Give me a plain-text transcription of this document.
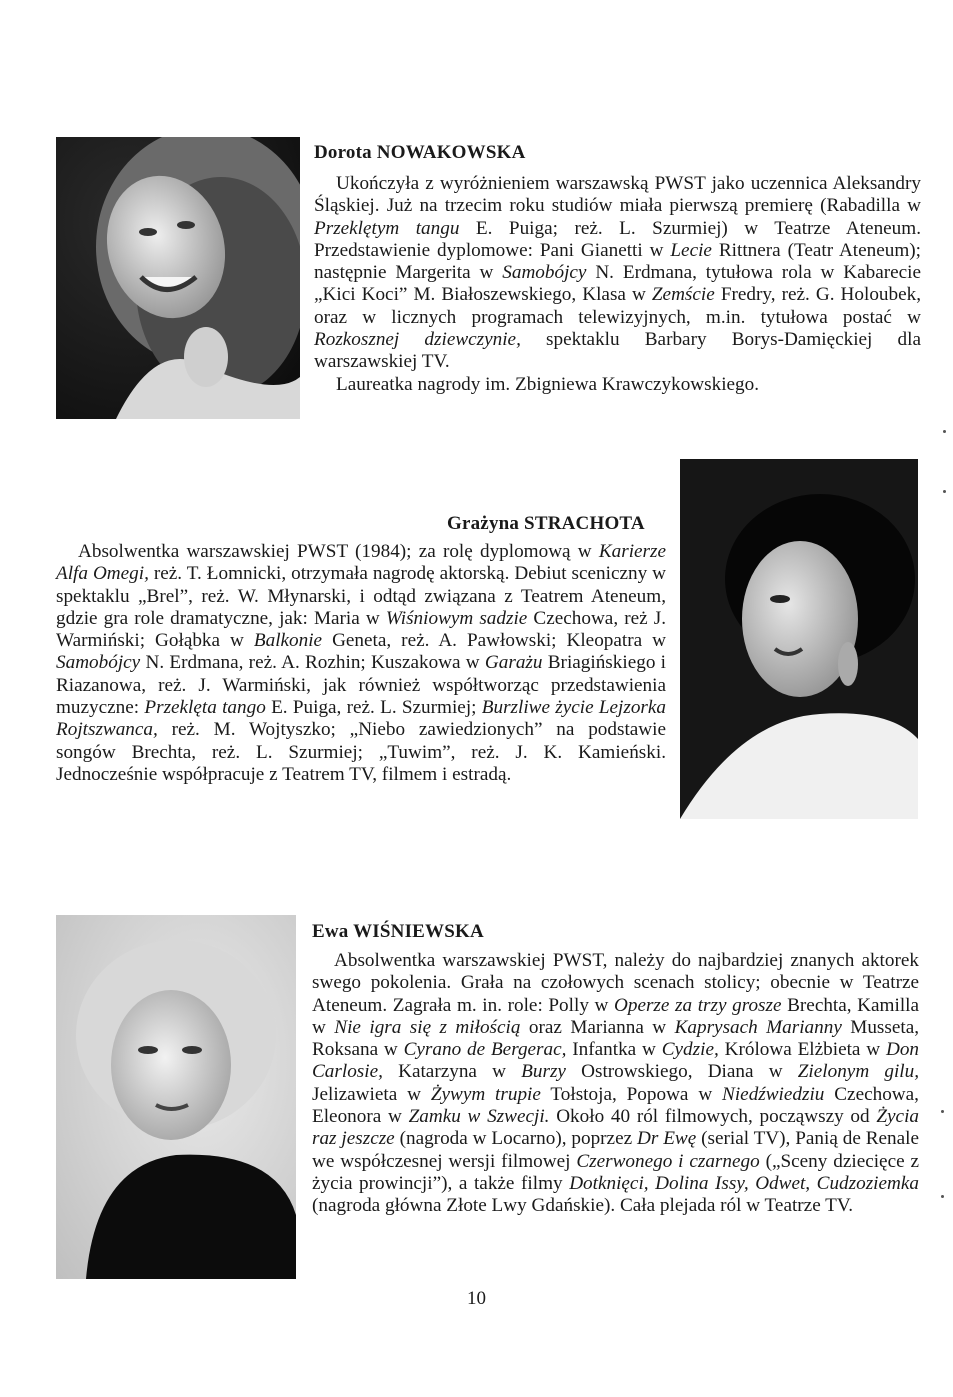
Dorota NOWAKOWSKA

Ukończyła z wyróżnieniem warszawską PWST jako uczennica Aleksandry Śląskiej. Już na trzecim roku studiów miała pierwszą premierę (Rabadilla w Przeklętym tangu E. Puiga; reż. L. Szurmiej) w Teatrze Ateneum. Przedstawienie dyplomowe: Pani Gianetti w Lecie Rittnera (Teatr Ateneum); następnie Margerita w Samobójcy N. Erdmana, tytułowa rola w Kabarecie „Kici Koci” M. Białoszewskiego, Klasa w Zemście Fredry, reż. G. Holoubek, oraz w licznych programach telewizyjnych, m.in. tytułowa postać w Rozkosznej dziewczynie, spektaklu Barbary Borys-Damięckiej dla warszawskiej TV.

Laureatka nagrody im. Zbigniewa Krawczykowskiego.

Grażyna STRACHOTA

Absolwentka warszawskiej PWST (1984); za rolę dyplomową w Karierze Alfa Omegi, reż. T. Łomnicki, otrzymała nagrodę aktorską. Debiut sceniczny w spektaklu „Brel”, reż. W. Młynarski, i odtąd związana z Teatrem Ateneum, gdzie gra role dramatyczne, jak: Maria w Wiśniowym sadzie Czechowa, reż J. Warmiński; Gołąbka w Balkonie Geneta, reż. A. Pawłowski; Kleopatra w Samobójcy N. Erdmana, reż. A. Rozhin; Kuszakowa w Garażu Briagińskiego i Riazanowa, reż. J. Warmiński, jak również współtworząc przedstawienia muzyczne: Przeklęta tango E. Puiga, reż. L. Szurmiej; Burzliwe życie Lejzorka Rojtszwanca, reż. M. Wojtyszko; „Niebo zawiedzionych” na podstawie songów Brechta, reż. L. Szurmiej; „Tuwim”, reż. J. K. Kamieński. Jednocześnie współpracuje z Teatrem TV, filmem i estradą.

Ewa WIŚNIEWSKA

Absolwentka warszawskiej PWST, należy do najbardziej znanych aktorek swego pokolenia. Grała na czołowych scenach stolicy; obecnie w Teatrze Ateneum. Zagrała m. in. role: Polly w Operze za trzy grosze Brechta, Kamilla w Nie igra się z miłością oraz Marianna w Kaprysach Marianny Musseta, Roksana w Cyrano de Bergerac, Infantka w Cydzie, Królowa Elżbieta w Don Carlosie, Katarzyna w Burzy Ostrowskiego, Diana w Zielonym gilu, Jelizawieta w Żywym trupie Tołstoja, Popowa w Niedźwiedziu Czechowa, Eleonora w Zamku w Szwecji. Około 40 ról filmowych, począwszy od Życia raz jeszcze (nagroda w Locarno), poprzez Dr Ewę (serial TV), Panią de Renale we współczesnej wersji filmowej Czerwonego i czarnego („Sceny dziecięce z życia prowincji”), a także filmy Dotknięci, Dolina Issy, Odwet, Cudzoziemka (nagroda główna Złote Lwy Gdańskie). Cała plejada ról w Teatrze TV.

10
